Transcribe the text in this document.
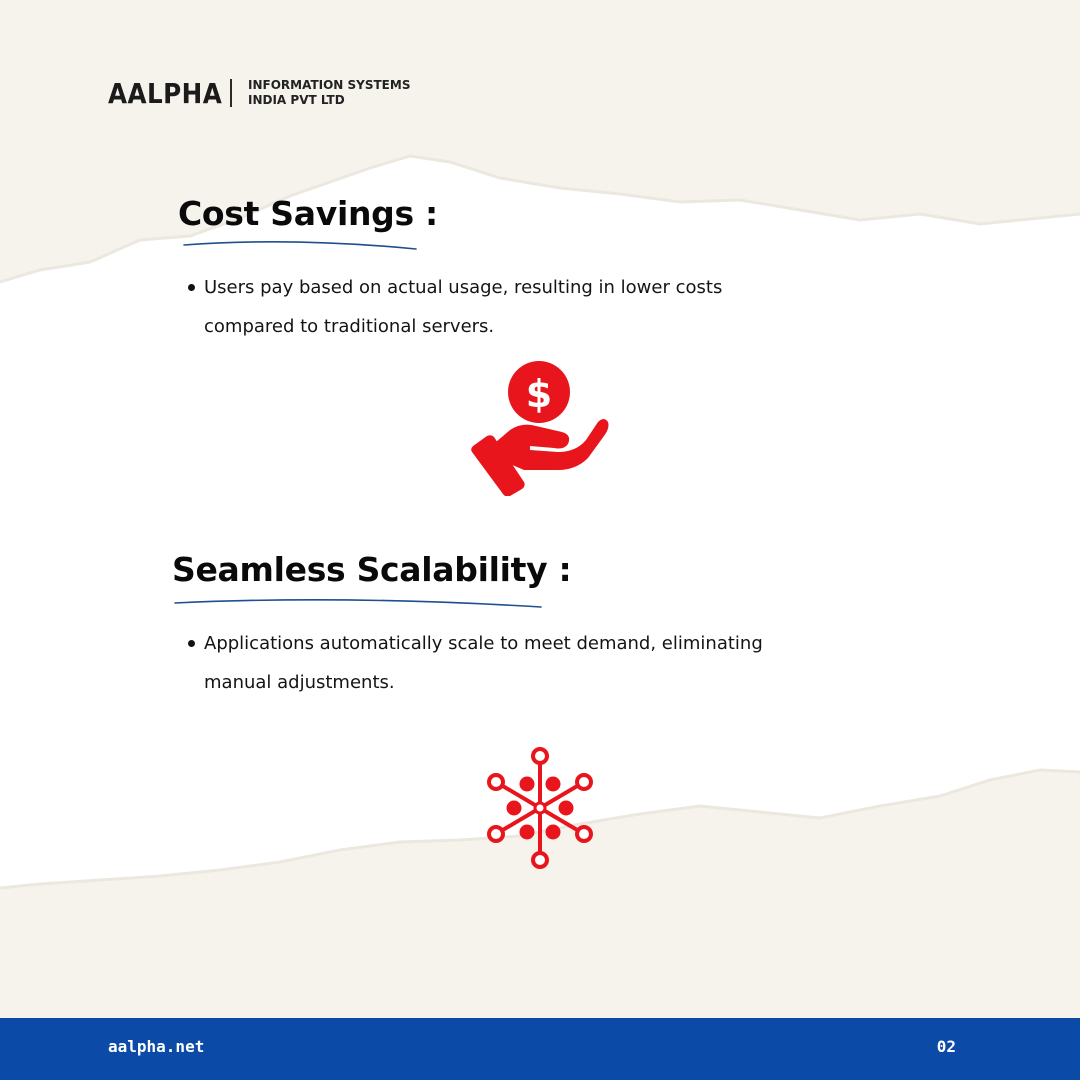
AALPHA INFORMATION SYSTEMS
INDIA PVT LTD
Cost Savings :
Users pay based on actual usage, resulting in lower costs compared to traditional servers.
$
Seamless Scalability :
Applications automatically scale to meet demand, eliminating manual adjustments.
aalpha.net	02
